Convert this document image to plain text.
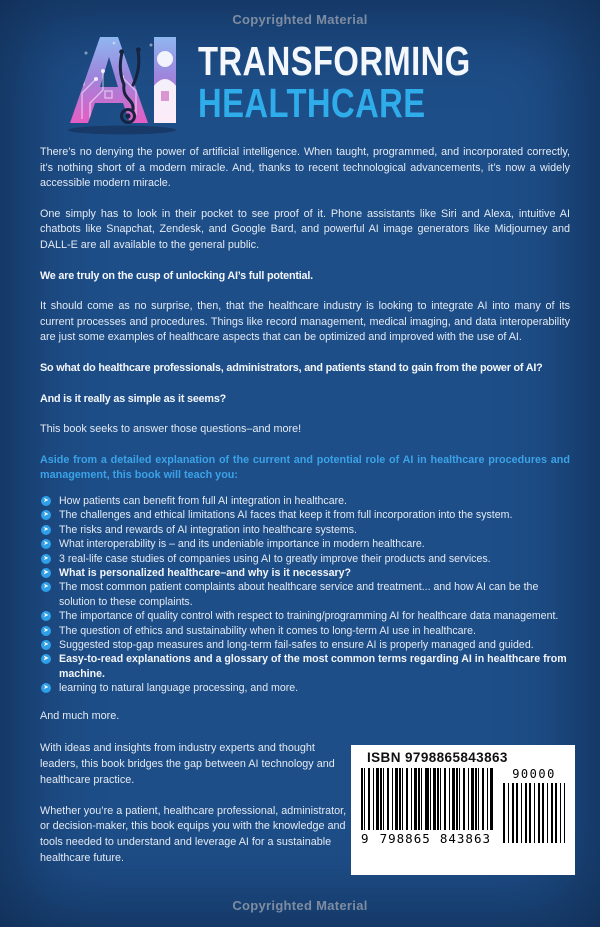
Copyrighted Material
TRANSFORMING
HEALTHCARE

There’s no denying the power of artificial intelligence. When taught, programmed, and incorporated correctly, it’s nothing short of a modern miracle. And, thanks to recent technological advancements, it’s now a widely accessible modern miracle.

One simply has to look in their pocket to see proof of it. Phone assistants like Siri and Alexa, intuitive AI chatbots like Snapchat, Zendesk, and Google Bard, and powerful AI image generators like Midjourney and DALL-E are all available to the general public.

We are truly on the cusp of unlocking AI’s full potential.

It should come as no surprise, then, that the healthcare industry is looking to integrate AI into many of its current processes and procedures. Things like record management, medical imaging, and data interoperability are just some examples of healthcare aspects that can be optimized and improved with the use of AI.

So what do healthcare professionals, administrators, and patients stand to gain from the power of AI?

And is it really as simple as it seems?

This book seeks to answer those questions–and more!

Aside from a detailed explanation of the current and potential role of AI in healthcare procedures and management, this book will teach you:

➤
How patients can benefit from full AI integration in healthcare.
➤
The challenges and ethical limitations AI faces that keep it from full incorporation into the system.
➤
The risks and rewards of AI integration into healthcare systems.
➤
What interoperability is – and its undeniable importance in modern healthcare.
➤
3 real-life case studies of companies using AI to greatly improve their products and services.
➤
What is personalized healthcare–and why is it necessary?
➤
The most common patient complaints about healthcare service and treatment... and how AI can be the solution to these complaints.
➤
The importance of quality control with respect to training/programming AI for healthcare data management.
➤
The question of ethics and sustainability when it comes to long-term AI use in healthcare.
➤
Suggested stop-gap measures and long-term fail-safes to ensure AI is properly managed and guided.
➤
Easy-to-read explanations and a glossary of the most common terms regarding AI in healthcare from machine.
➤
learning to natural language processing, and more.

And much more.

With ideas and insights from industry experts and thought leaders, this book bridges the gap between AI technology and healthcare practice.

Whether you’re a patient, healthcare professional, administrator, or decision-maker, this book equips you with the knowledge and tools needed to understand and leverage AI for a sustainable healthcare future.

ISBN 9798865843863
9 798865 843863
90000
Copyrighted Material
